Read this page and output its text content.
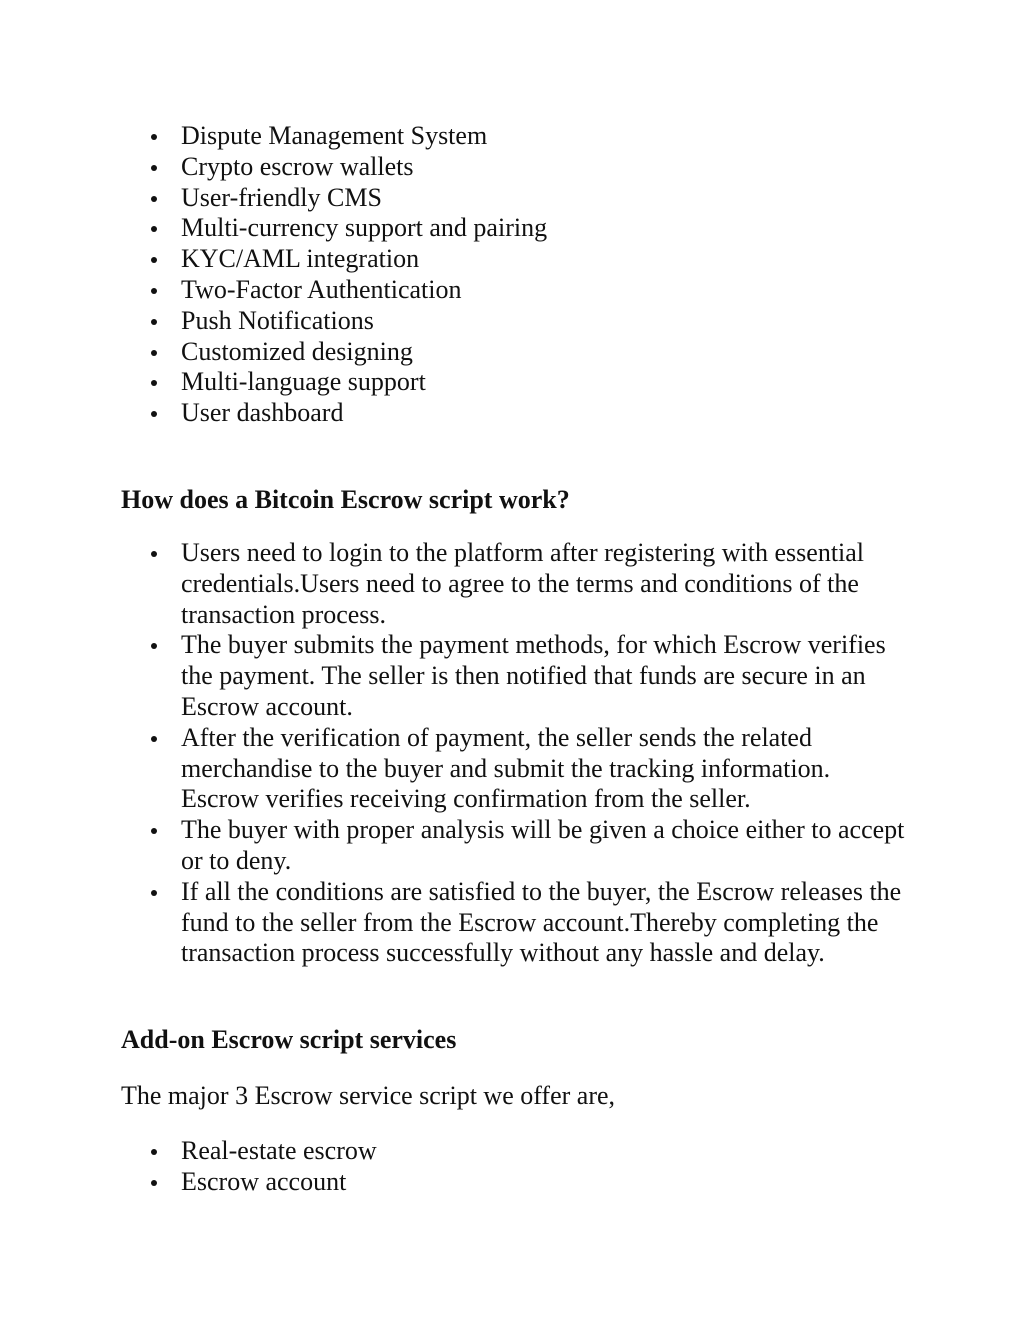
Dispute Management System
Crypto escrow wallets
User-friendly CMS
Multi-currency support and pairing
KYC/AML integration
Two-Factor Authentication
Push Notifications
Customized designing
Multi-language support
User dashboard
How does a Bitcoin Escrow script work?
Users need to login to the platform after registering with essential credentials.Users need to agree to the terms and conditions of the transaction process.
The buyer submits the payment methods, for which Escrow verifies the payment. The seller is then notified that funds are secure in an Escrow account.
After the verification of payment, the seller sends the related merchandise to the buyer and submit the tracking information. Escrow verifies receiving confirmation from the seller.
The buyer with proper analysis will be given a choice either to accept or to deny.
If all the conditions are satisfied to the buyer, the Escrow releases the fund to the seller from the Escrow account.Thereby completing the transaction process successfully without any hassle and delay.
Add-on Escrow script services

The major 3 Escrow service script we offer are,

Real-estate escrow
Escrow account
